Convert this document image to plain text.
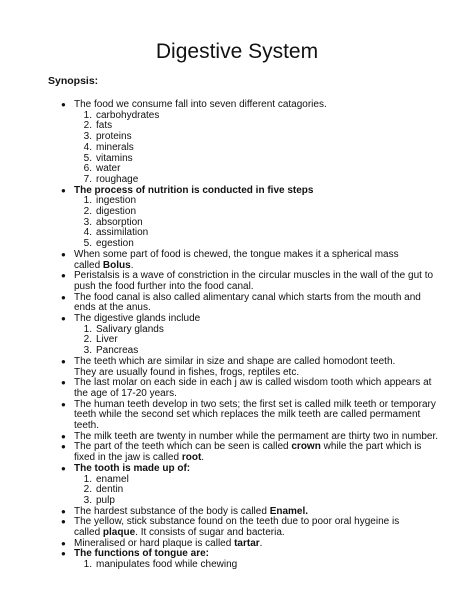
Digestive System
Synopsis:
● The food we consume fall into seven different catagories.
1. carbohydrates
2. fats
3. proteins
4. minerals
5. vitamins
6. water
7. roughage
● The process of nutrition is conducted in five steps
1. ingestion
2. digestion
3. absorption
4. assimilation
5. egestion
● When some part of food is chewed, the tongue makes it a spherical mass
called Bolus.
● Peristalsis is a wave of constriction in the circular muscles in the wall of the gut to
push the food further into the food canal.
● The food canal is also called alimentary canal which starts from the mouth and
ends at the anus.
● The digestive glands include
1. Salivary glands
2. Liver
3. Pancreas
● The teeth which are similar in size and shape are called homodont teeth.
They are usually found in fishes, frogs, reptiles etc.
● The last molar on each side in each j aw is called wisdom tooth which appears at
the age of 17-20 years.
● The human teeth develop in two sets; the first set is called milk teeth or temporary
teeth while the second set which replaces the milk teeth are called permament
teeth.
● The milk teeth are twenty in number while the permament are thirty two in number.
● The part of the teeth which can be seen is called crown while the part which is
fixed in the jaw is called root.
● The tooth is made up of:
1. enamel
2. dentin
3. pulp
● The hardest substance of the body is called Enamel.
● The yellow, stick substance found on the teeth due to poor oral hygeine is
called plaque. It consists of sugar and bacteria.
● Mineralised or hard plaque is called tartar.
● The functions of tongue are:
1. manipulates food while chewing
